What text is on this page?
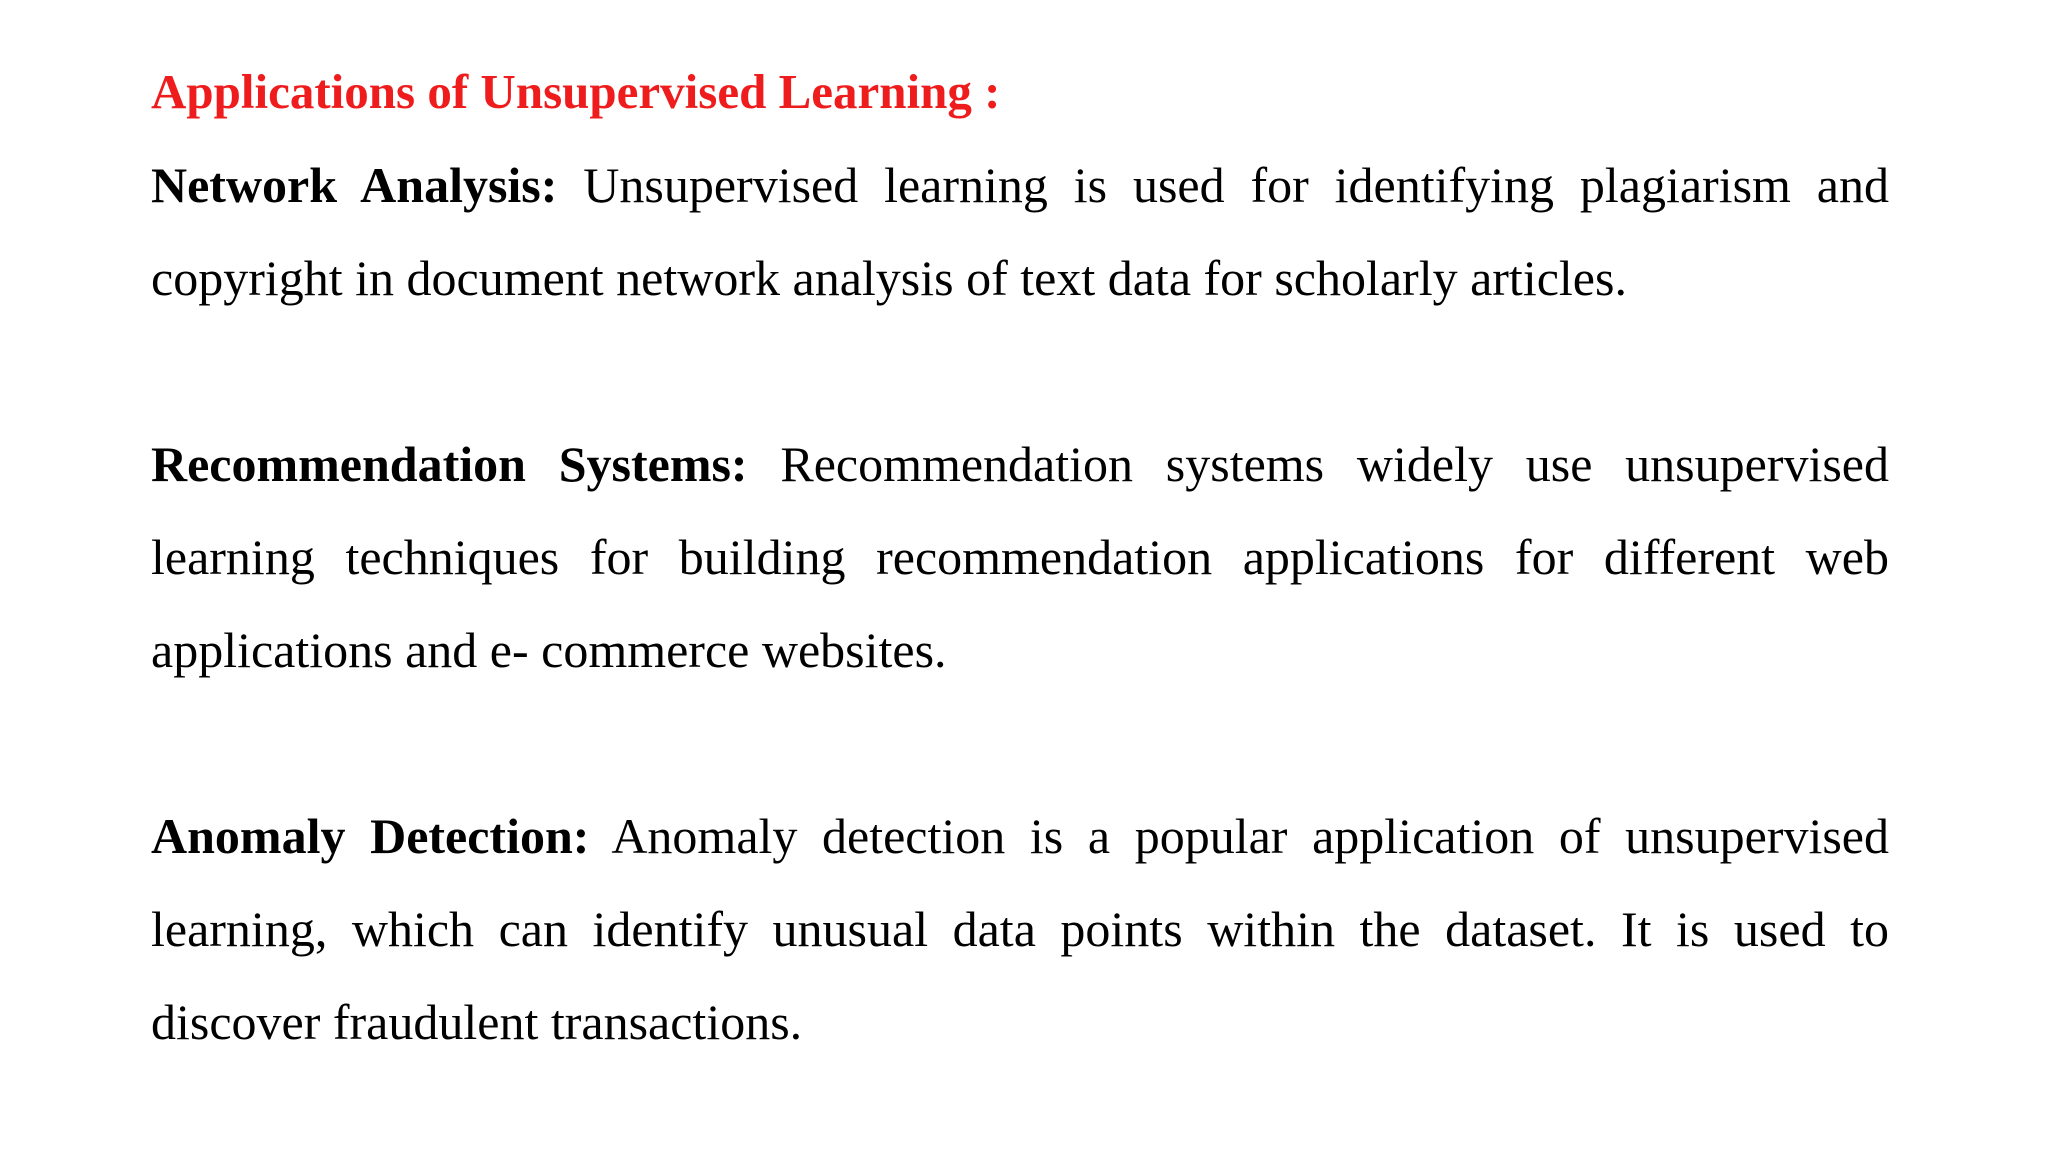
Applications of Unsupervised Learning :

Network Analysis: Unsupervised learning is used for identifying plagiarism and copyright in document network analysis of text data for scholarly articles.

Recommendation Systems: Recommendation systems widely use unsupervised learning techniques for building recommendation applications for different web applications and e- commerce websites.

Anomaly Detection: Anomaly detection is a popular application of unsupervised learning, which can identify unusual data points within the dataset. It is used to discover fraudulent transactions.
